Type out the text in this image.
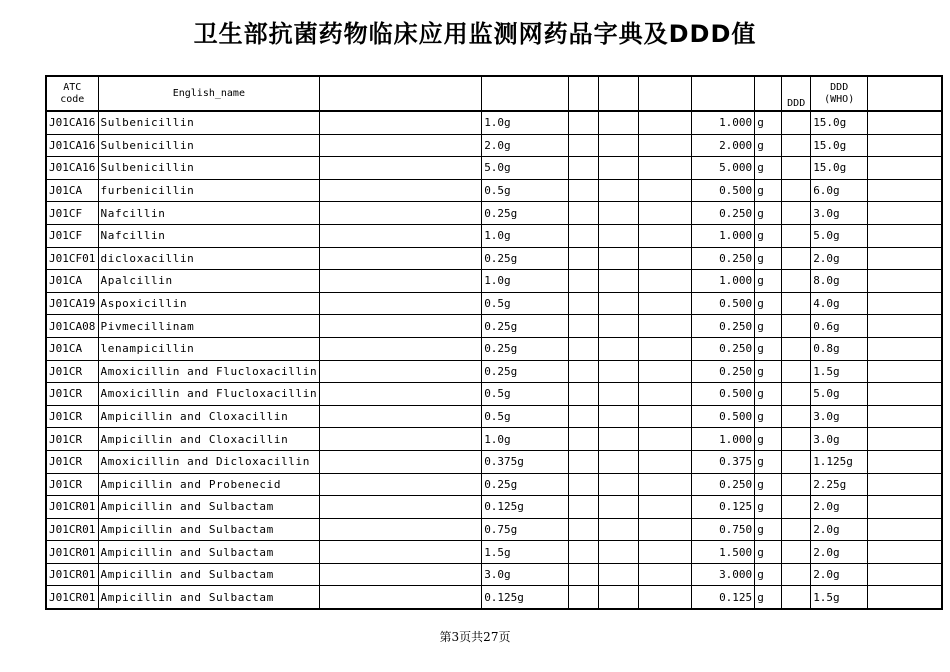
卫生部抗菌药物临床应用监测网药品字典及DDD值
ATC code	English_name								DDD	DDD
(WHO)	
J01CA16	Sulbenicillin		1.0g				1.000	g		15.0g	
J01CA16	Sulbenicillin		2.0g				2.000	g		15.0g	
J01CA16	Sulbenicillin		5.0g				5.000	g		15.0g	
J01CA	furbenicillin		0.5g				0.500	g		6.0g	
J01CF	Nafcillin		0.25g				0.250	g		3.0g	
J01CF	Nafcillin		1.0g				1.000	g		5.0g	
J01CF01	dicloxacillin		0.25g				0.250	g		2.0g	
J01CA	Apalcillin		1.0g				1.000	g		8.0g	
J01CA19	Aspoxicillin		0.5g				0.500	g		4.0g	
J01CA08	Pivmecillinam		0.25g				0.250	g		0.6g	
J01CA	lenampicillin		0.25g				0.250	g		0.8g	
J01CR	Amoxicillin and Flucloxacillin		0.25g				0.250	g		1.5g	
J01CR	Amoxicillin and Flucloxacillin		0.5g				0.500	g		5.0g	
J01CR	Ampicillin and Cloxacillin		0.5g				0.500	g		3.0g	
J01CR	Ampicillin and Cloxacillin		1.0g				1.000	g		3.0g	
J01CR	Amoxicillin and Dicloxacillin		0.375g				0.375	g		1.125g	
J01CR	Ampicillin and Probenecid		0.25g				0.250	g		2.25g	
J01CR01	Ampicillin and Sulbactam		0.125g				0.125	g		2.0g	
J01CR01	Ampicillin and Sulbactam		0.75g				0.750	g		2.0g	
J01CR01	Ampicillin and Sulbactam		1.5g				1.500	g		2.0g	
J01CR01	Ampicillin and Sulbactam		3.0g				3.000	g		2.0g	
J01CR01	Ampicillin and Sulbactam		0.125g				0.125	g		1.5g	
第3页共27页
